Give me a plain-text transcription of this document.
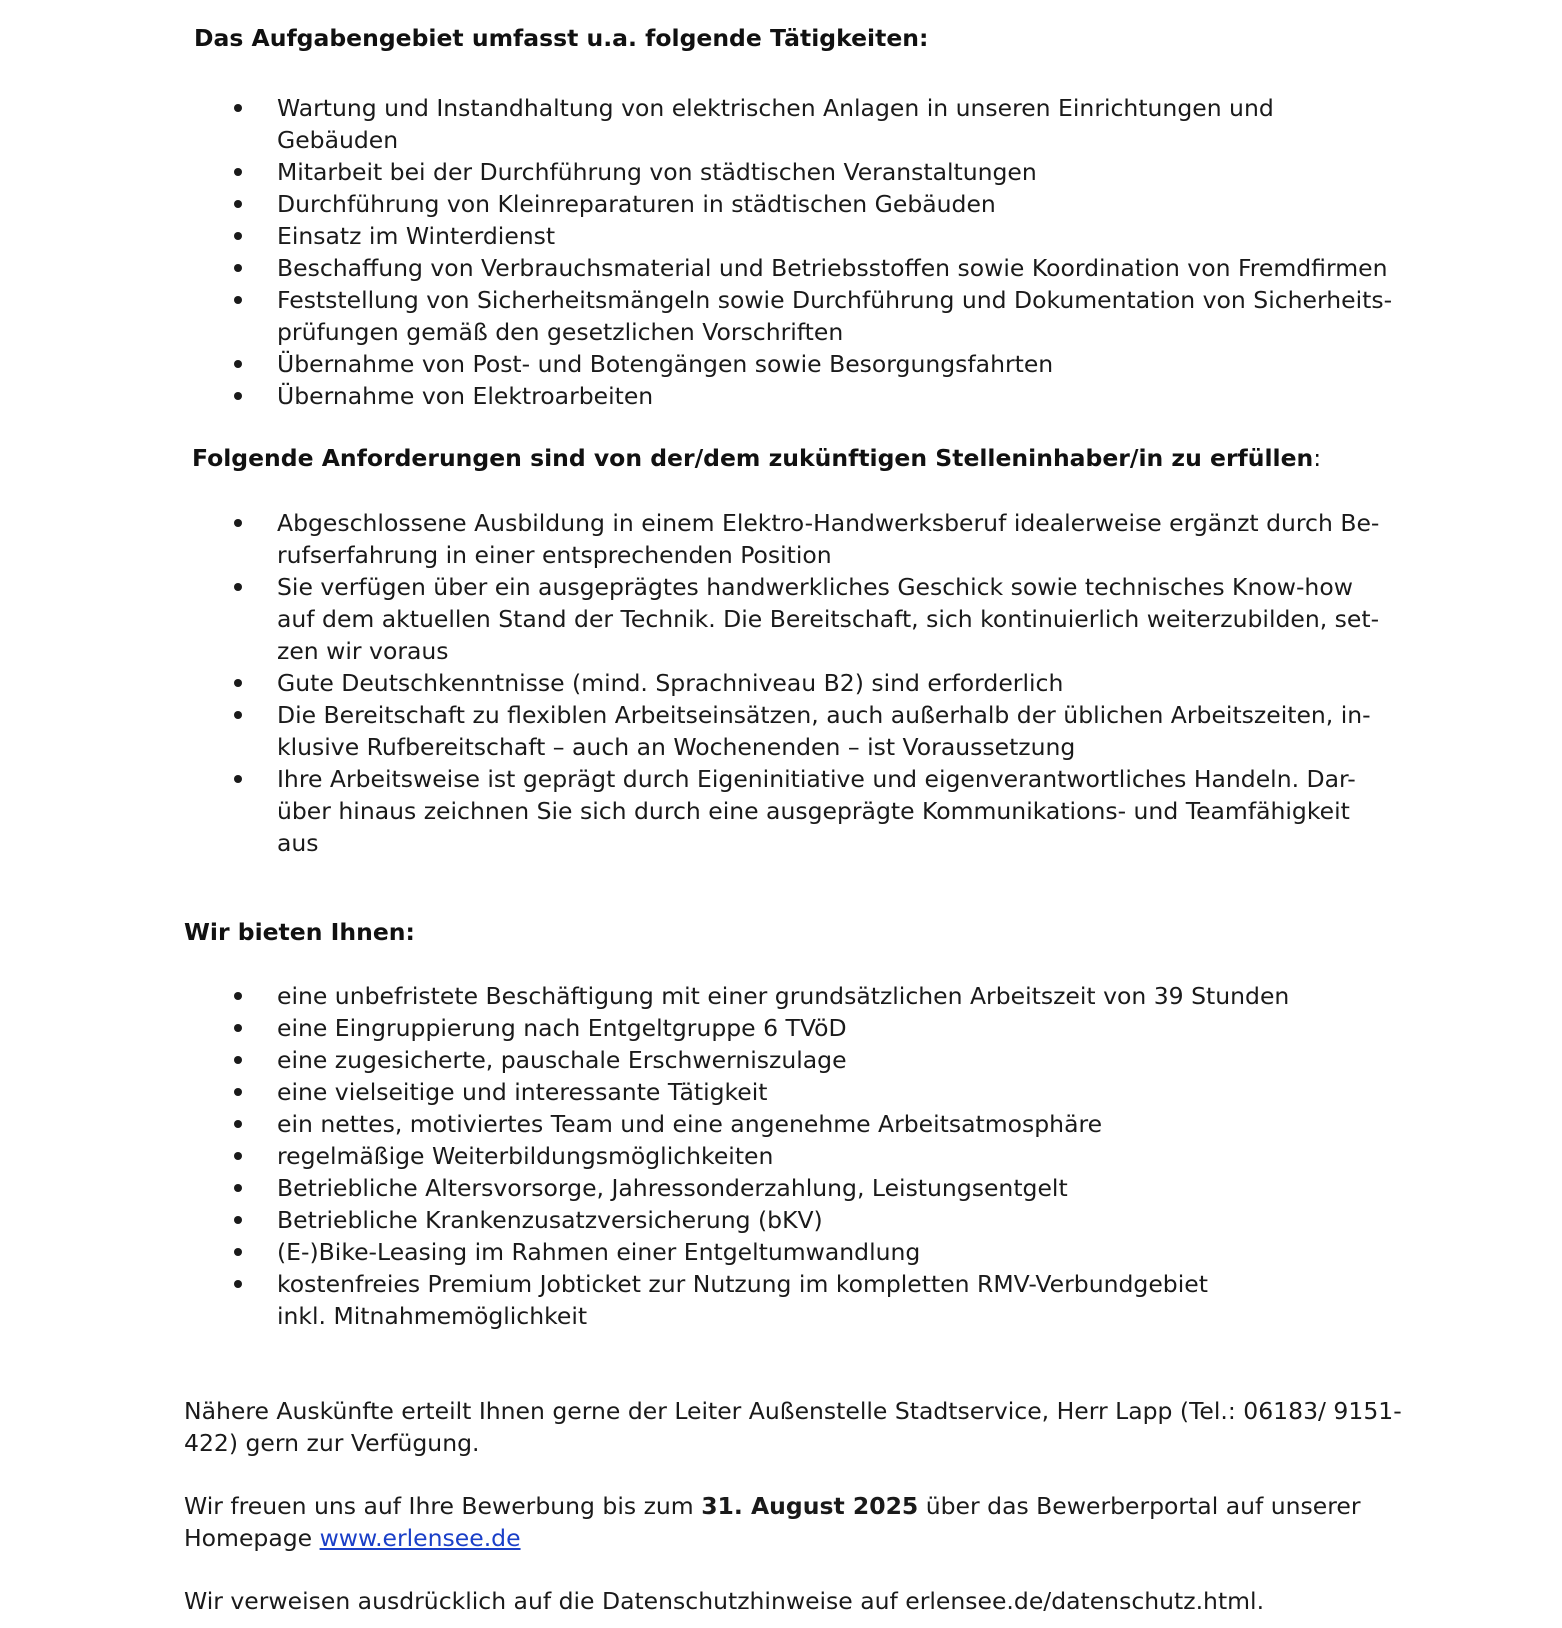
Das Aufgabengebiet umfasst u.a. folgende Tätigkeiten:
Wartung und Instandhaltung von elektrischen Anlagen in unseren Einrichtungen und
Gebäuden
Mitarbeit bei der Durchführung von städtischen Veranstaltungen
Durchführung von Kleinreparaturen in städtischen Gebäuden
Einsatz im Winterdienst
Beschaffung von Verbrauchsmaterial und Betriebsstoffen sowie Koordination von Fremdfirmen
Feststellung von Sicherheitsmängeln sowie Durchführung und Dokumentation von Sicherheits-
prüfungen gemäß den gesetzlichen Vorschriften
Übernahme von Post- und Botengängen sowie Besorgungsfahrten
Übernahme von Elektroarbeiten
Folgende Anforderungen sind von der/dem zukünftigen Stelleninhaber/in zu erfüllen:
Abgeschlossene Ausbildung in einem Elektro-Handwerksberuf idealerweise ergänzt durch Be-
rufserfahrung in einer entsprechenden Position
Sie verfügen über ein ausgeprägtes handwerkliches Geschick sowie technisches Know-how
auf dem aktuellen Stand der Technik. Die Bereitschaft, sich kontinuierlich weiterzubilden, set-
zen wir voraus
Gute Deutschkenntnisse (mind. Sprachniveau B2) sind erforderlich
Die Bereitschaft zu flexiblen Arbeitseinsätzen, auch außerhalb der üblichen Arbeitszeiten, in-
klusive Rufbereitschaft – auch an Wochenenden – ist Voraussetzung
Ihre Arbeitsweise ist geprägt durch Eigeninitiative und eigenverantwortliches Handeln. Dar-
über hinaus zeichnen Sie sich durch eine ausgeprägte Kommunikations- und Teamfähigkeit
aus
Wir bieten Ihnen:
eine unbefristete Beschäftigung mit einer grundsätzlichen Arbeitszeit von 39 Stunden
eine Eingruppierung nach Entgeltgruppe 6 TVöD
eine zugesicherte, pauschale Erschwerniszulage
eine vielseitige und interessante Tätigkeit
ein nettes, motiviertes Team und eine angenehme Arbeitsatmosphäre
regelmäßige Weiterbildungsmöglichkeiten
Betriebliche Altersvorsorge, Jahressonderzahlung, Leistungsentgelt
Betriebliche Krankenzusatzversicherung (bKV)
(E-)Bike-Leasing im Rahmen einer Entgeltumwandlung
kostenfreies Premium Jobticket zur Nutzung im kompletten RMV-Verbundgebiet
inkl. Mitnahmemöglichkeit

Nähere Auskünfte erteilt Ihnen gerne der Leiter Außenstelle Stadtservice, Herr Lapp (Tel.: 06183/ 9151-
422) gern zur Verfügung.

Wir freuen uns auf Ihre Bewerbung bis zum 31. August 2025 über das Bewerberportal auf unserer
Homepage www.erlensee.de

Wir verweisen ausdrücklich auf die Datenschutzhinweise auf erlensee.de/datenschutz.html.
